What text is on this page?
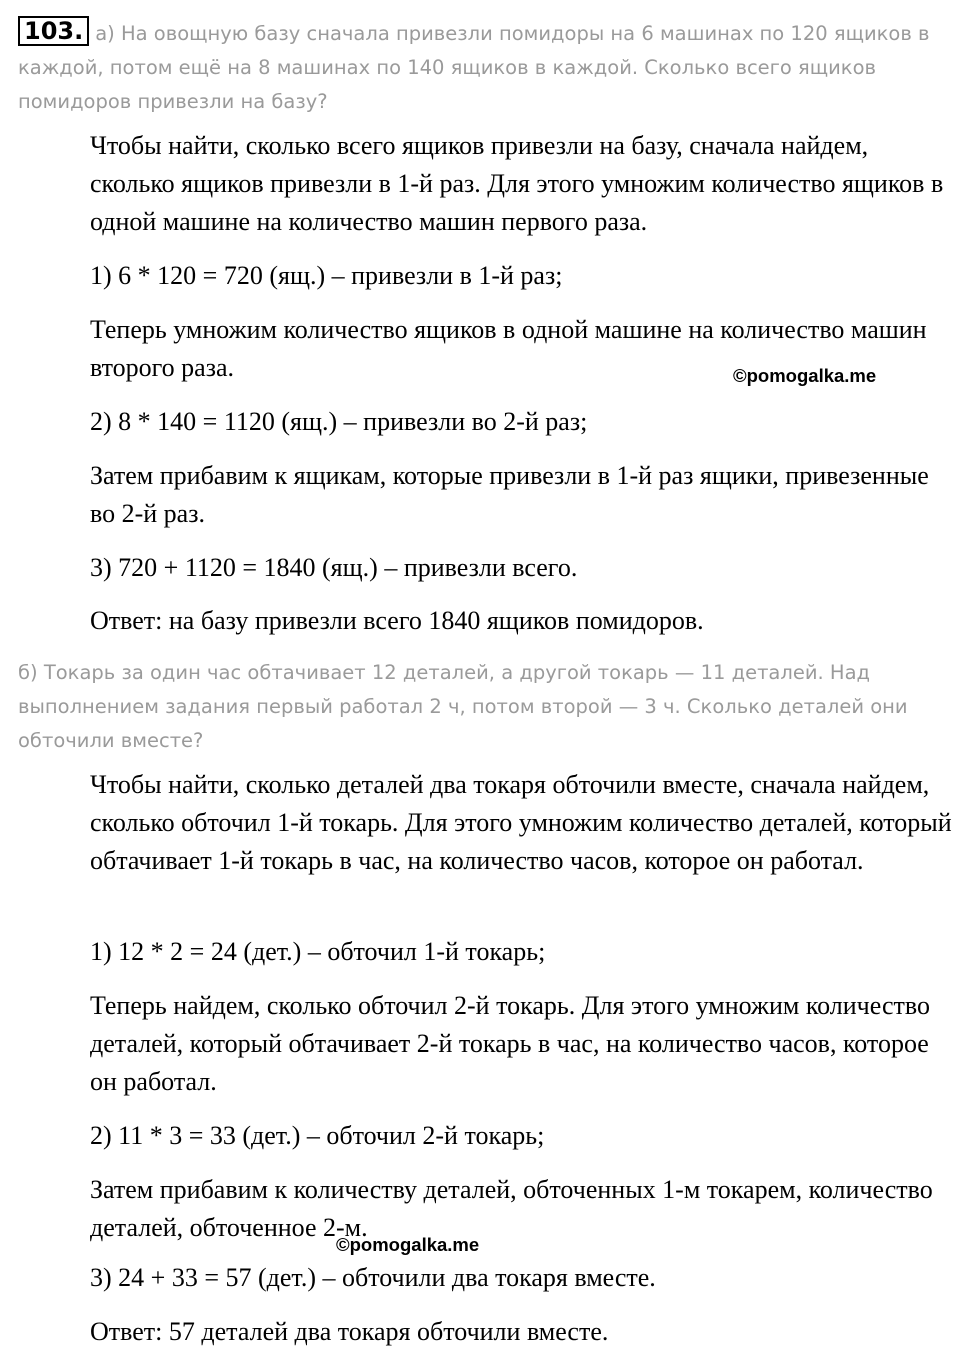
103. а) На овощную базу сначала привезли помидоры на 6 машинах по 120 ящиков в каждой, потом ещё на 8 машинах по 140 ящиков в каждой. Сколько всего ящиков помидоров привезли на базу?

Чтобы найти, сколько всего ящиков привезли на базу, сначала найдем, сколько ящиков привезли в 1-й раз. Для этого умножим количество ящиков в одной машине на количество машин первого раза.

1) 6 * 120 = 720 (ящ.) – привезли в 1-й раз;

Теперь умножим количество ящиков в одной машине на количество машин второго раза.

2) 8 * 140 = 1120 (ящ.) – привезли во 2-й раз;

Затем прибавим к ящикам, которые привезли в 1-й раз ящики, привезенные во 2-й раз.

3) 720 + 1120 = 1840 (ящ.) – привезли всего.

Ответ: на базу привезли всего 1840 ящиков помидоров.

©pomogalka.me
б) Токарь за один час обтачивает 12 деталей, а другой токарь — 11 деталей. Над выполнением задания первый работал 2 ч, потом второй — 3 ч. Сколько деталей они обточили вместе?

Чтобы найти, сколько деталей два токаря обточили вместе, сначала найдем, сколько обточил 1-й токарь. Для этого умножим количество деталей, который обтачивает 1-й токарь в час, на количество часов, которое он работал.

1) 12 * 2 = 24 (дет.) – обточил 1-й токарь;

Теперь найдем, сколько обточил 2-й токарь. Для этого умножим количество деталей, который обтачивает 2-й токарь в час, на количество часов, которое он работал.

2) 11 * 3 = 33 (дет.) – обточил 2-й токарь;

Затем прибавим к количеству деталей, обточенных 1-м токарем, количество деталей, обточенное 2-м.

3) 24 + 33 = 57 (дет.) – обточили два токаря вместе.

Ответ: 57 деталей два токаря обточили вместе.

©pomogalka.me
